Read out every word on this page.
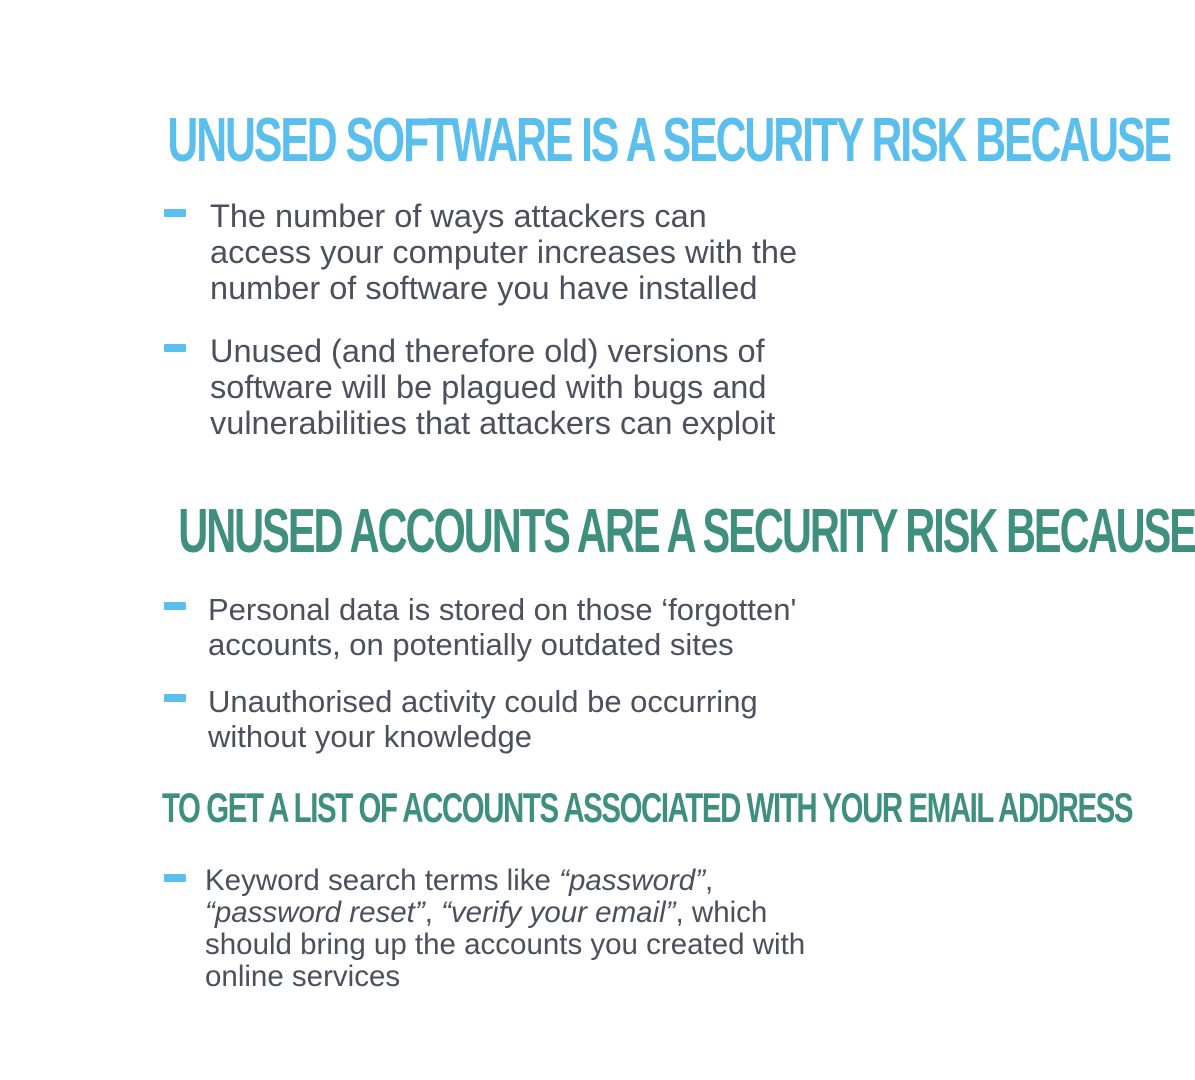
UNUSED SOFTWARE IS A SECURITY RISK BECAUSE
The number of ways attackers can
access your computer increases with the
number of software you have installed
Unused (and therefore old) versions of
software will be plagued with bugs and
vulnerabilities that attackers can exploit
UNUSED ACCOUNTS ARE A SECURITY RISK BECAUSE
Personal data is stored on those ‘forgotten'
accounts, on potentially outdated sites
Unauthorised activity could be occurring
without your knowledge
TO GET A LIST OF ACCOUNTS ASSOCIATED WITH YOUR EMAIL ADDRESS
Keyword search terms like “password”,
“password reset”, “verify your email”, which
should bring up the accounts you created with
online services
